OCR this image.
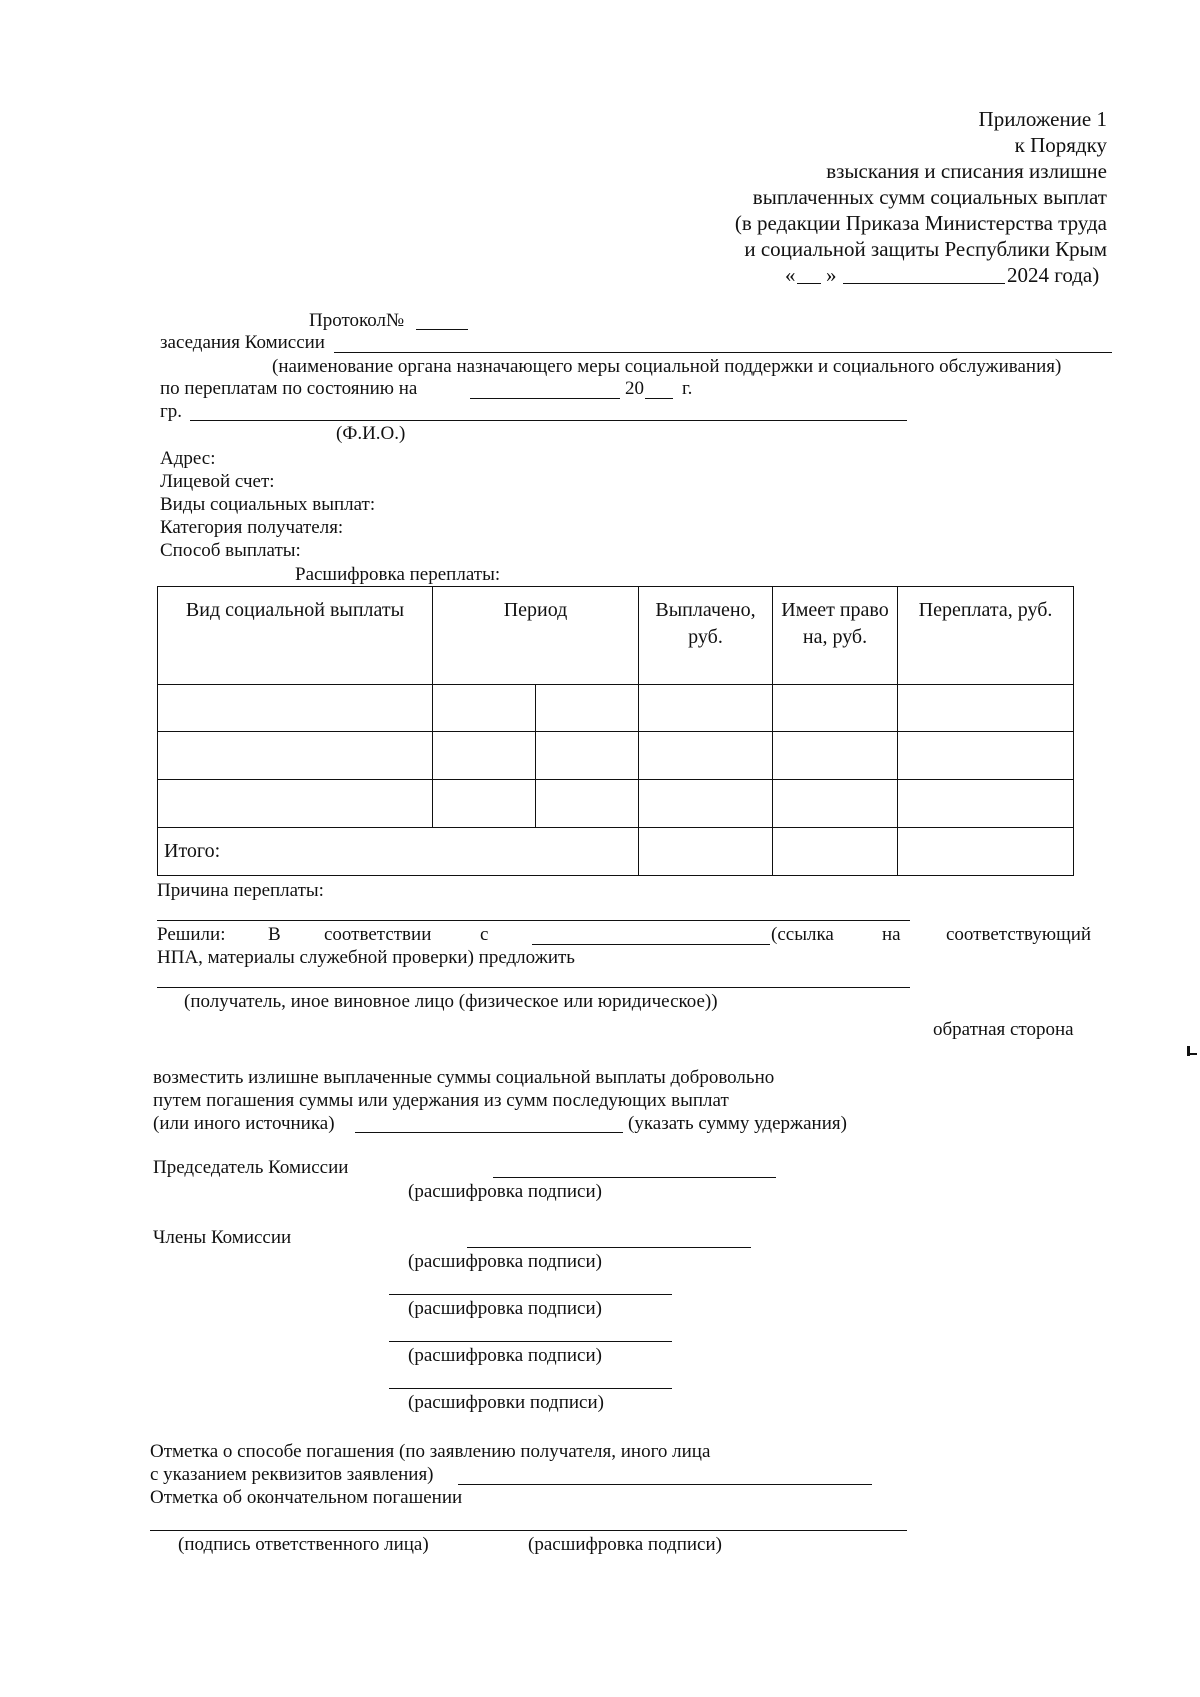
Приложение 1
к Порядку
взыскания и списания излишне
выплаченных сумм социальных выплат
(в редакции Приказа Министерства труда
и социальной защиты Республики Крым
« »	2024 года)
Протокол№
заседания Комиссии
(наименование органа назначающего меры социальной поддержки и социального обслуживания)
по переплатам по состоянию на	20 г.
гр.
(Ф.И.О.)
Адрес:
Лицевой счет:
Виды социальных выплат:
Категория получателя:
Способ выплаты:
Расшифровка переплаты:
Вид социальной выплаты	Период		Выплачено, руб.	Имеет право на, руб.	Переплата, руб.

Итого:					
Причина переплаты:
Решили: В соответствии	с	(ссылка	на соответствующий
НПА, материалы служебной проверки) предложить
(получатель, иное виновное лицо (физическое или юридическое))
обратная сторона
возместить излишне выплаченные суммы социальной выплаты добровольно
путем погашения суммы или удержания из сумм последующих выплат
(или иного источника)	(указать сумму удержания)
Председатель Комиссии
(расшифровка подписи)
Члены Комиссии
(расшифровка подписи)
(расшифровка подписи)
(расшифровка подписи)
(расшифровки подписи)
Отметка о способе погашения (по заявлению получателя, иного лица
с указанием реквизитов заявления)
Отметка об окончательном погашении
(подпись ответственного лица)	(расшифровка подписи)
